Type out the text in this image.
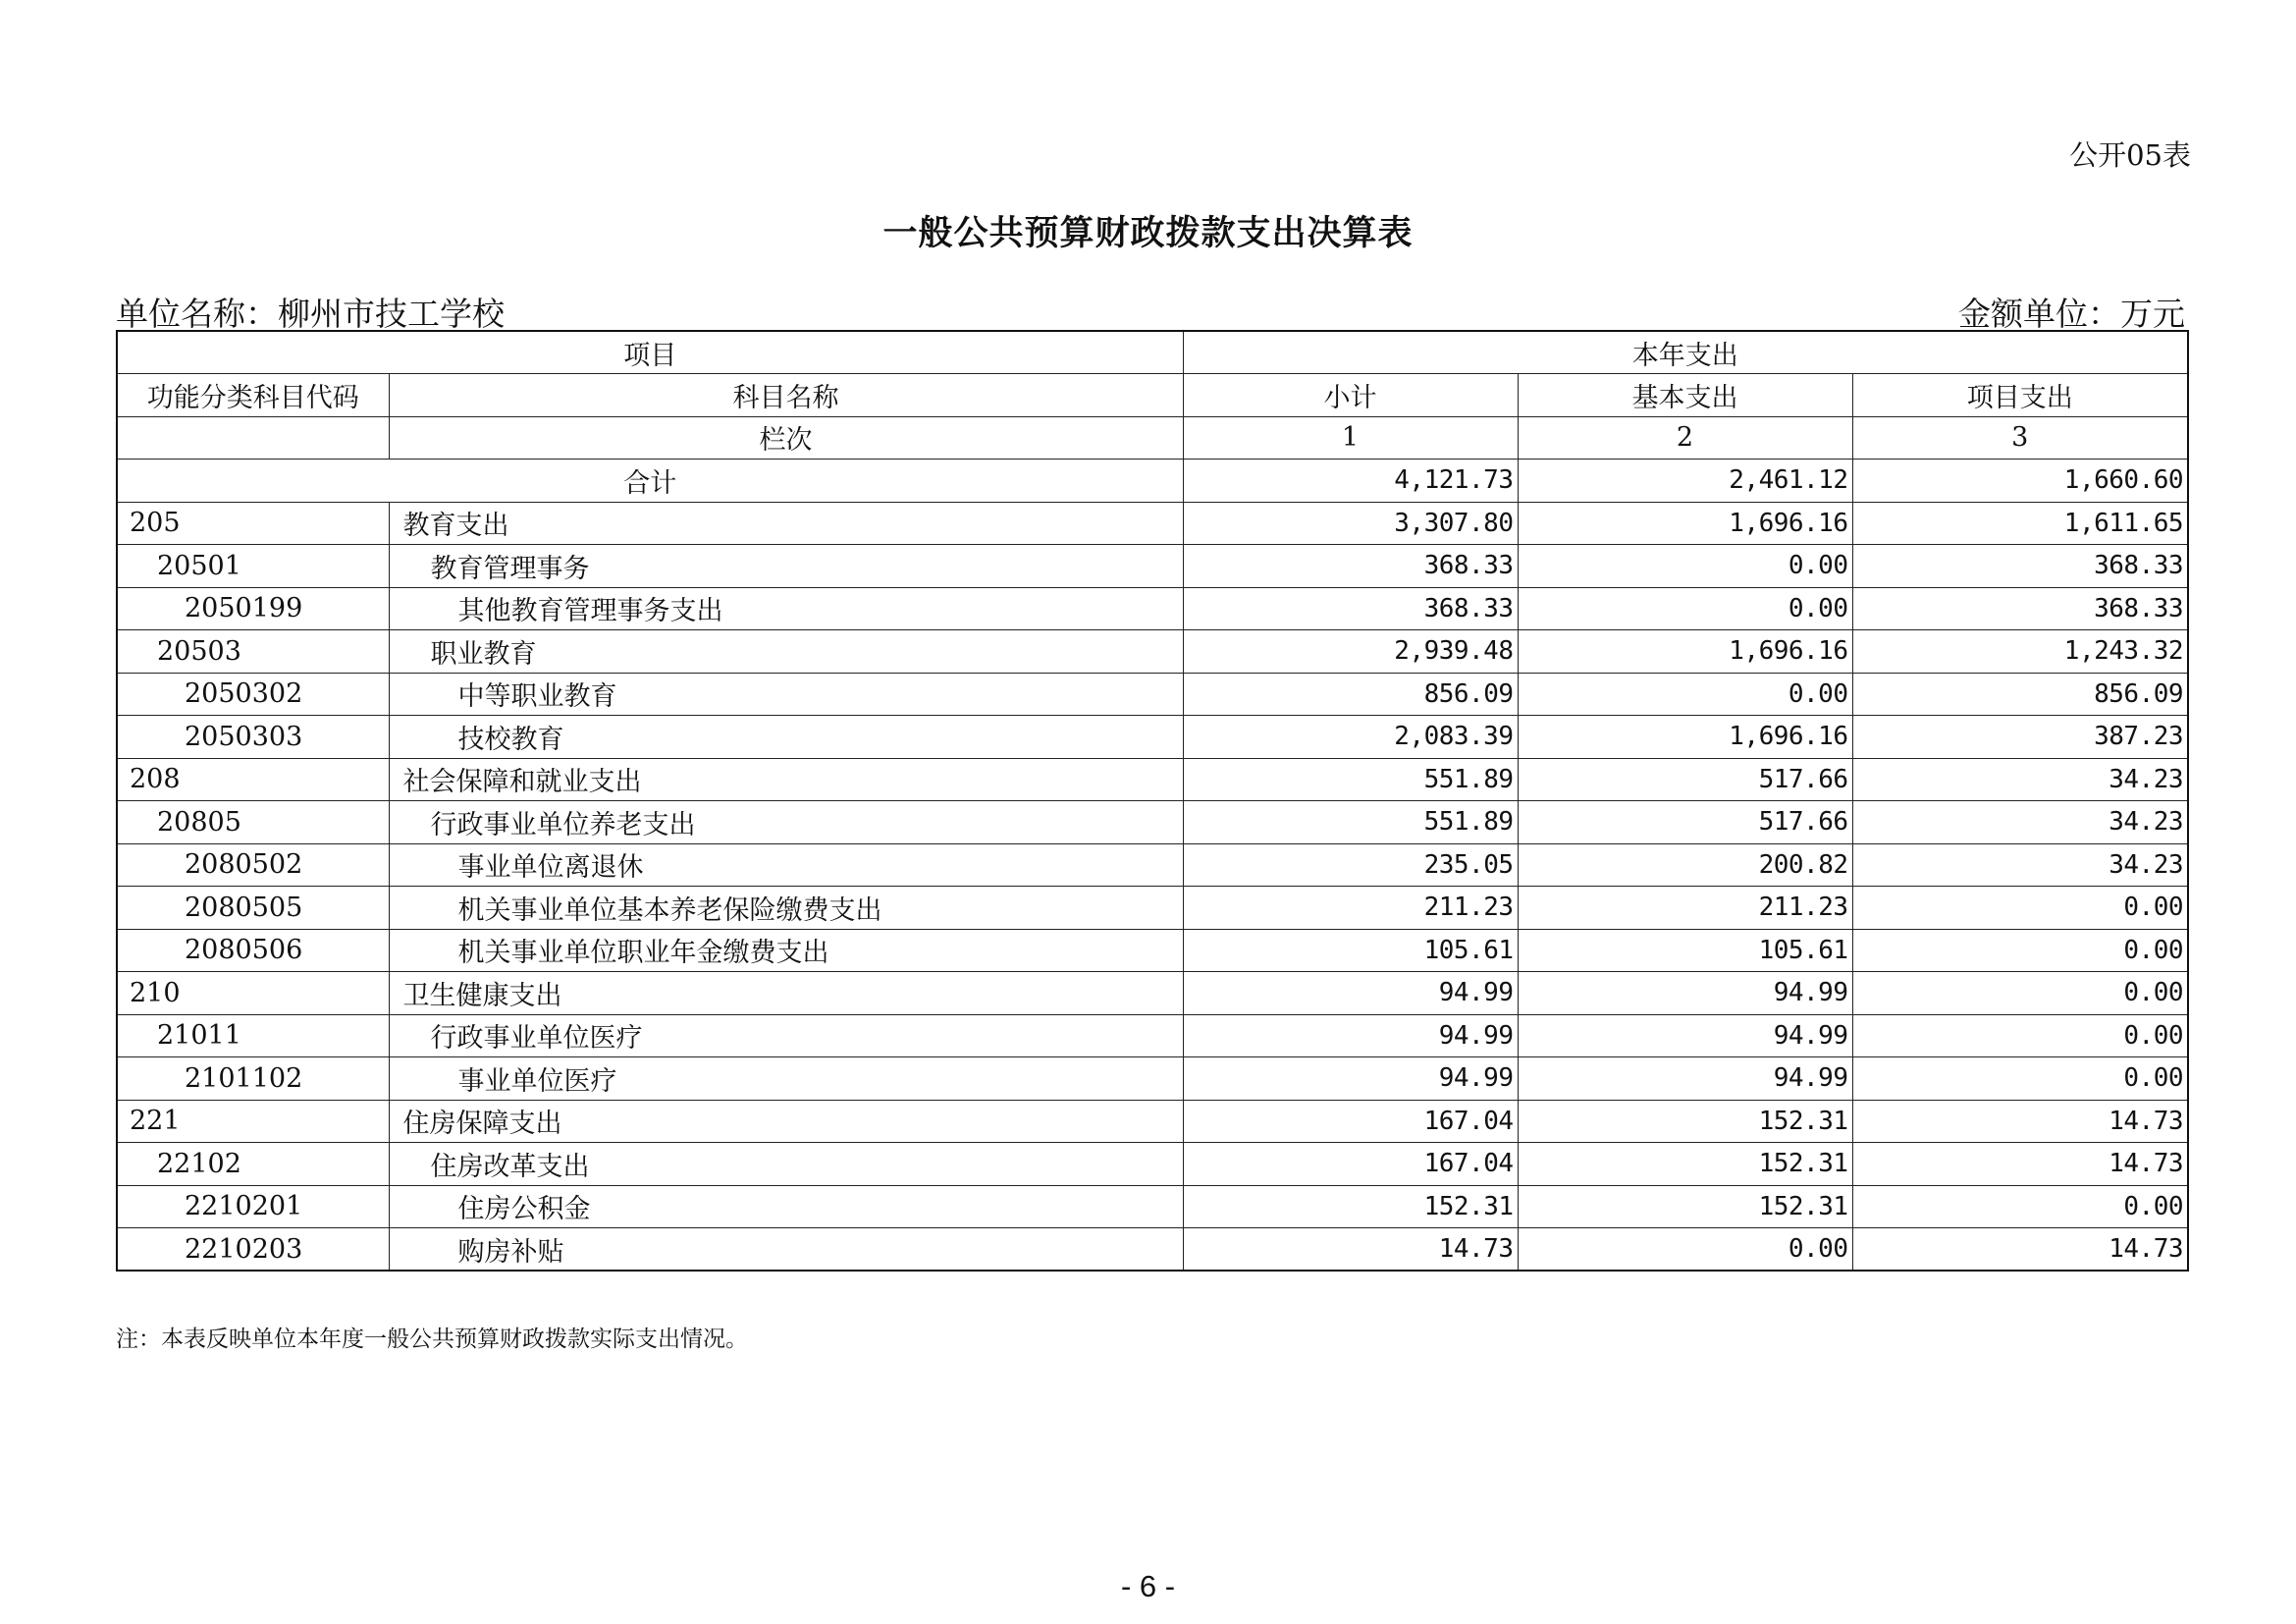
公开05表
一般公共预算财政拨款支出决算表
单位名称：柳州市技工学校	金额单位：万元
项目		本年支出		
功能分类科目代码	科目名称	小计	基本支出	项目支出
	栏次	1	2	3
合计		4,121.73	2,461.12	1,660.60
205	教育支出	3,307.80	1,696.16	1,611.65
20501	教育管理事务	368.33	0.00	368.33
2050199	其他教育管理事务支出	368.33	0.00	368.33
20503	职业教育	2,939.48	1,696.16	1,243.32
2050302	中等职业教育	856.09	0.00	856.09
2050303	技校教育	2,083.39	1,696.16	387.23
208	社会保障和就业支出	551.89	517.66	34.23
20805	行政事业单位养老支出	551.89	517.66	34.23
2080502	事业单位离退休	235.05	200.82	34.23
2080505	机关事业单位基本养老保险缴费支出	211.23	211.23	0.00
2080506	机关事业单位职业年金缴费支出	105.61	105.61	0.00
210	卫生健康支出	94.99	94.99	0.00
21011	行政事业单位医疗	94.99	94.99	0.00
2101102	事业单位医疗	94.99	94.99	0.00
221	住房保障支出	167.04	152.31	14.73
22102	住房改革支出	167.04	152.31	14.73
2210201	住房公积金	152.31	152.31	0.00
2210203	购房补贴	14.73	0.00	14.73
注：本表反映单位本年度一般公共预算财政拨款实际支出情况。
- 6 -
